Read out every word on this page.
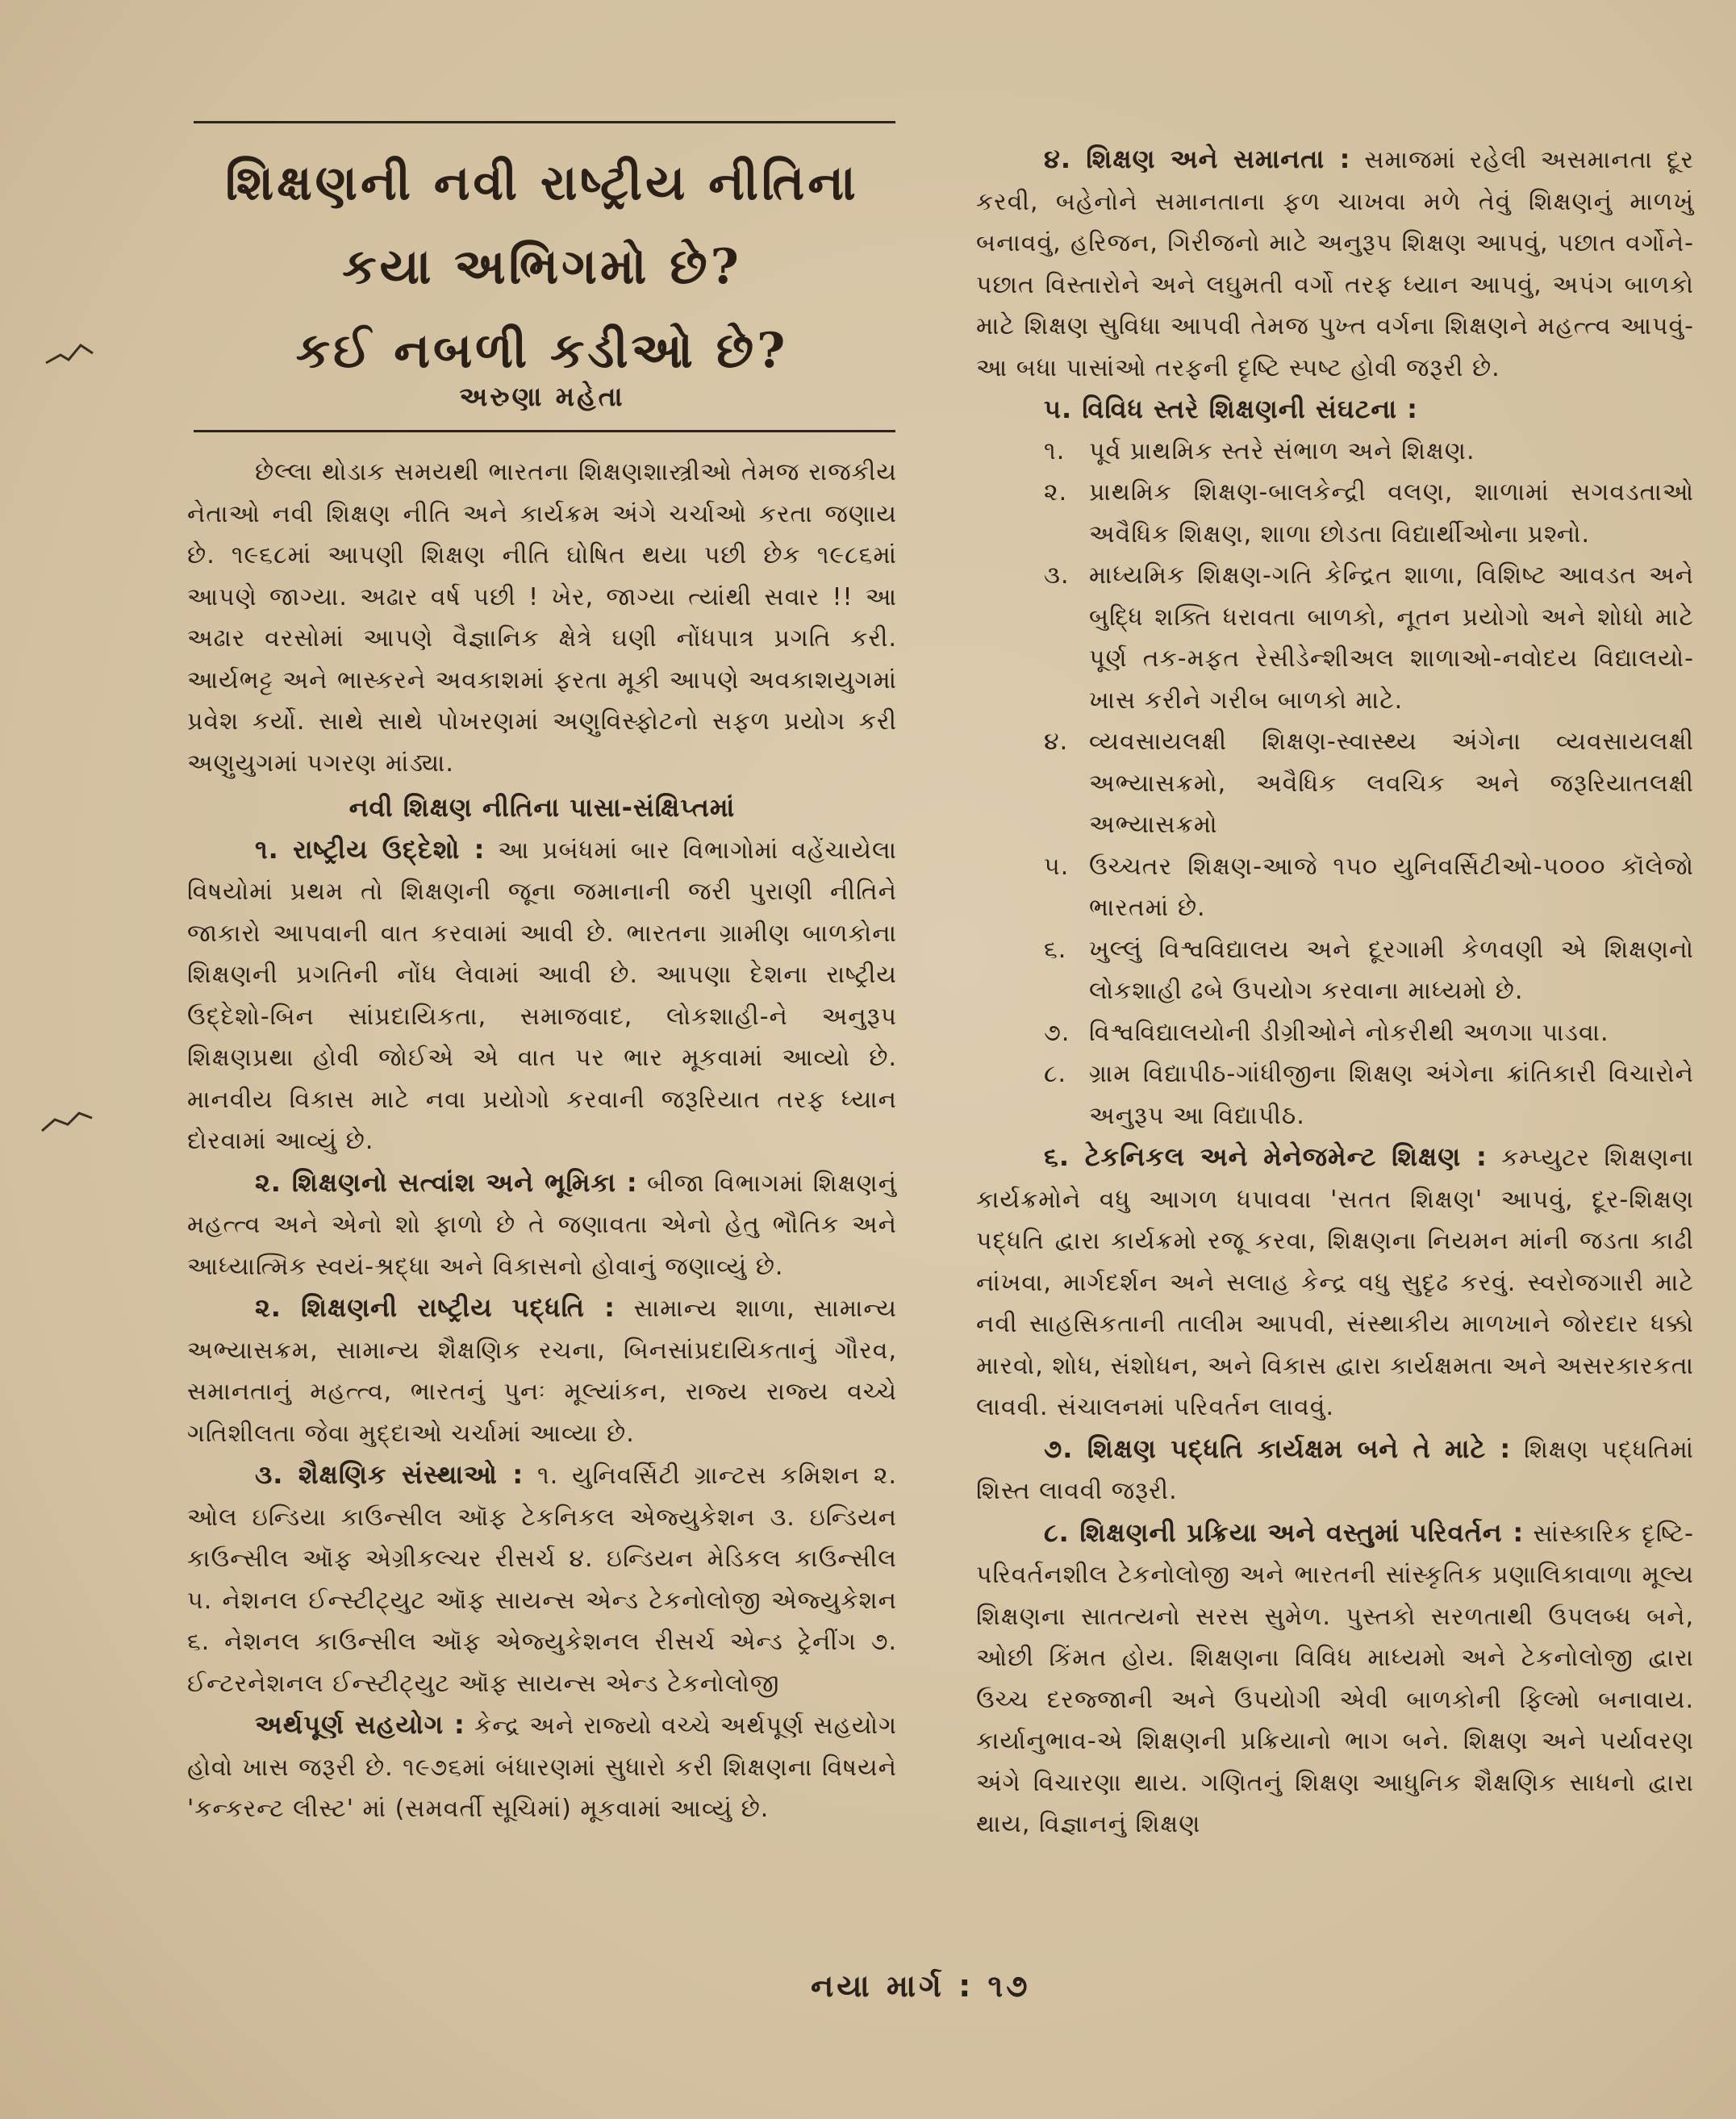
શિક્ષણની નવી રાષ્ટ્રીય નીતિના
કયા અભિગમો છે?
કઈ નબળી કડીઓ છે?
અરુણા મહેતા

છેલ્લા થોડાક સમયથી ભારતના શિક્ષણશાસ્ત્રીઓ તેમજ રાજકીય નેતાઓ નવી શિક્ષણ નીતિ અને કાર્યક્રમ અંગે ચર્ચાઓ કરતા જણાય છે. ૧૯૬૮માં આપણી શિક્ષણ નીતિ ઘોષિત થયા પછી છેક ૧૯૮૬માં આપણે જાગ્યા. અઢાર વર્ષ પછી ! ખેર, જાગ્યા ત્યાંથી સવાર !! આ અઢાર વરસોમાં આપણે વૈજ્ઞાનિક ક્ષેત્રે ઘણી નોંધપાત્ર પ્રગતિ કરી. આર્યભટ્ટ અને ભાસ્કરને અવકાશમાં ફરતા મૂકી આપણે અવકાશયુગમાં પ્રવેશ કર્યો. સાથે સાથે પોખરણમાં અણુવિસ્ફોટનો સફળ પ્રયોગ કરી અણુયુગમાં પગરણ માંડ્યા.

નવી શિક્ષણ નીતિના પાસા-સંક્ષિપ્તમાં

૧. રાષ્ટ્રીય ઉદ્દેશો : આ પ્રબંધમાં બાર વિભાગોમાં વહેંચાયેલા વિષયોમાં પ્રથમ તો શિક્ષણની જૂના જમાનાની જરી પુરાણી નીતિને જાકારો આપવાની વાત કરવામાં આવી છે. ભારતના ગ્રામીણ બાળકોના શિક્ષણની પ્રગતિની નોંધ લેવામાં આવી છે. આપણા દેશના રાષ્ટ્રીય ઉદ્દેશો-બિન સાંપ્રદાયિકતા, સમાજવાદ, લોકશાહી-ને અનુરૂપ શિક્ષણપ્રથા હોવી જોઈએ એ વાત પર ભાર મૂકવામાં આવ્યો છે. માનવીય વિકાસ માટે નવા પ્રયોગો કરવાની જરૂરિયાત તરફ ધ્યાન દોરવામાં આવ્યું છે.

૨. શિક્ષણનો સત્વાંશ અને ભૂમિકા : બીજા વિભાગમાં શિક્ષણનું મહત્ત્વ અને એનો શો ફાળો છે તે જણાવતા એનો હેતુ ભૌતિક અને આધ્યાત્મિક સ્વયં-શ્રદ્ધા અને વિકાસનો હોવાનું જણાવ્યું છે.

૨. શિક્ષણની રાષ્ટ્રીય પદ્ધતિ : સામાન્ય શાળા, સામાન્ય અભ્યાસક્રમ, સામાન્ય શૈક્ષણિક રચના, બિનસાંપ્રદાયિકતાનું ગૌરવ, સમાનતાનું મહત્ત્વ, ભારતનું પુનઃ મૂલ્યાંકન, રાજ્ય રાજ્ય વચ્ચે ગતિશીલતા જેવા મુદ્દાઓ ચર્ચામાં આવ્યા છે.

૩. શૈક્ષણિક સંસ્થાઓ : ૧. યુનિવર્સિટી ગ્રાન્ટસ કમિશન ૨. ઓલ ઇન્ડિયા કાઉન્સીલ ઑફ ટેકનિકલ એજ્યુકેશન ૩. ઇન્ડિયન કાઉન્સીલ ઑફ એગ્રીકલ્ચર રીસર્ચ ૪. ઇન્ડિયન મેડિકલ કાઉન્સીલ ૫. નેશનલ ઈન્સ્ટીટ્યુટ ઑફ સાયન્સ એન્ડ ટેકનોલોજી એજ્યુકેશન ૬. નેશનલ કાઉન્સીલ ઑફ એજ્યુકેશનલ રીસર્ચ એન્ડ ટ્રેનીંગ ૭. ઈન્ટરનેશનલ ઈન્સ્ટીટ્યુટ ઑફ સાયન્સ એન્ડ ટેકનોલોજી

અર્થપૂર્ણ સહયોગ : કેન્દ્ર અને રાજ્યો વચ્ચે અર્થપૂર્ણ સહયોગ હોવો ખાસ જરૂરી છે. ૧૯૭૬માં બંધારણમાં સુધારો કરી શિક્ષણના વિષયને 'કન્કરન્ટ લીસ્ટ' માં (સમવર્તી સૂચિમાં) મૂકવામાં આવ્યું છે.

૪. શિક્ષણ અને સમાનતા : સમાજમાં રહેલી અસમાનતા દૂર કરવી, બહેનોને સમાનતાના ફળ ચાખવા મળે તેવું શિક્ષણનું માળખું બનાવવું, હરિજન, ગિરીજનો માટે અનુરૂપ શિક્ષણ આપવું, પછાત વર્ગોને-પછાત વિસ્તારોને અને લઘુમતી વર્ગો તરફ ધ્યાન આપવું, અપંગ બાળકો માટે શિક્ષણ સુવિધા આપવી તેમજ પુખ્ત વર્ગના શિક્ષણને મહત્ત્વ આપવું-આ બધા પાસાંઓ તરફની દૃષ્ટિ સ્પષ્ટ હોવી જરૂરી છે.

૫. વિવિધ સ્તરે શિક્ષણની સંઘટના :

૧. પૂર્વ પ્રાથમિક સ્તરે સંભાળ અને શિક્ષણ.

૨. પ્રાથમિક શિક્ષણ-બાલકેન્દ્રી વલણ, શાળામાં સગવડતાઓ અવૈધિક શિક્ષણ, શાળા છોડતા વિદ્યાર્થીઓના પ્રશ્નો.

૩. માધ્યમિક શિક્ષણ-ગતિ કેન્દ્રિત શાળા, વિશિષ્ટ આવડત અને બુદ્ધિ શક્તિ ધરાવતા બાળકો, નૂતન પ્રયોગો અને શોધો માટે પૂર્ણ તક-મફત રેસીડેન્શીઅલ શાળાઓ-નવોદય વિદ્યાલયો-ખાસ કરીને ગરીબ બાળકો માટે.

૪. વ્યવસાયલક્ષી શિક્ષણ-સ્વાસ્થ્ય અંગેના વ્યવસાયલક્ષી અભ્યાસક્રમો, અવૈધિક લવચિક અને જરૂરિયાતલક્ષી અભ્યાસક્રમો

૫. ઉચ્ચતર શિક્ષણ-આજે ૧૫૦ યુનિવર્સિટીઓ-૫૦૦૦ કૉલેજો ભારતમાં છે.

૬. ખુલ્લું વિશ્વવિદ્યાલય અને દૂરગામી કેળવણી એ શિક્ષણનો લોકશાહી ઢબે ઉપયોગ કરવાના માધ્યમો છે.

૭. વિશ્વવિદ્યાલયોની ડીગ્રીઓને નોકરીથી અળગા પાડવા.

૮. ગ્રામ વિદ્યાપીઠ-ગાંધીજીના શિક્ષણ અંગેના ક્રાંતિકારી વિચારોને અનુરૂપ આ વિદ્યાપીઠ.

૬. ટેકનિકલ અને મેનેજમેન્ટ શિક્ષણ : કમ્પ્યુટર શિક્ષણના કાર્યક્રમોને વધુ આગળ ધપાવવા 'સતત શિક્ષણ' આપવું, દૂર-શિક્ષણ પદ્ધતિ દ્વારા કાર્યક્રમો રજૂ કરવા, શિક્ષણના નિયમન માંની જડતા કાઢી નાંખવા, માર્ગદર્શન અને સલાહ કેન્દ્ર વધુ સુદૃઢ કરવું. સ્વરોજગારી માટે નવી સાહસિકતાની તાલીમ આપવી, સંસ્થાકીય માળખાને જોરદાર ધક્કો મારવો, શોધ, સંશોધન, અને વિકાસ દ્વારા કાર્યક્ષમતા અને અસરકારકતા લાવવી. સંચાલનમાં પરિવર્તન લાવવું.

૭. શિક્ષણ પદ્ધતિ કાર્યક્ષમ બને તે માટે : શિક્ષણ પદ્ધતિમાં શિસ્ત લાવવી જરૂરી.

૮. શિક્ષણની પ્રક્રિયા અને વસ્તુમાં પરિવર્તન : સાંસ્કારિક દૃષ્ટિ-પરિવર્તનશીલ ટેકનોલોજી અને ભારતની સાંસ્કૃતિક પ્રણાલિકાવાળા મૂલ્ય શિક્ષણના સાતત્યનો સરસ સુમેળ. પુસ્તકો સરળતાથી ઉપલબ્ધ બને, ઓછી કિંમત હોય. શિક્ષણના વિવિધ માધ્યમો અને ટેકનોલોજી દ્વારા ઉચ્ચ દરજ્જાની અને ઉપયોગી એવી બાળકોની ફિલ્મો બનાવાય. કાર્યાનુભાવ-એ શિક્ષણની પ્રક્રિયાનો ભાગ બને. શિક્ષણ અને પર્યાવરણ અંગે વિચારણા થાય. ગણિતનું શિક્ષણ આધુનિક શૈક્ષણિક સાધનો દ્વારા થાય, વિજ્ઞાનનું શિક્ષણ

નયા માર્ગ : ૧૭
